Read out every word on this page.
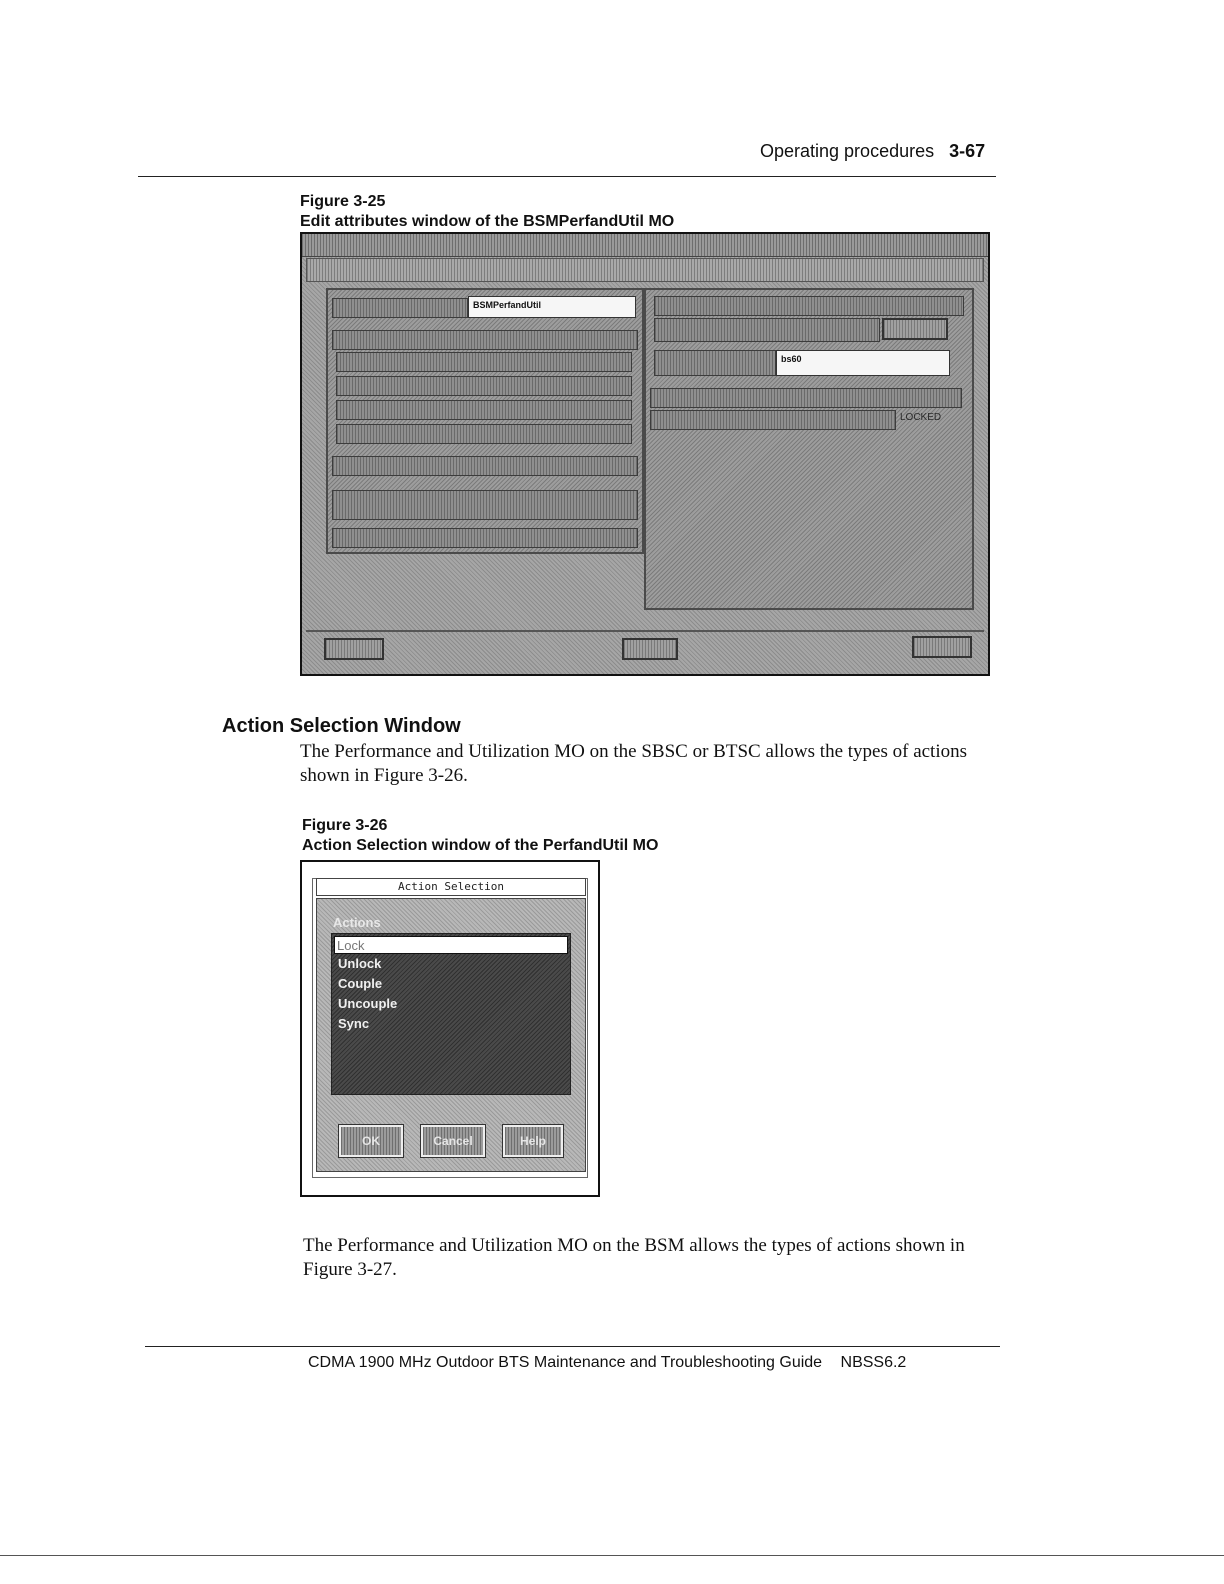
Operating procedures 3-67
Figure 3-25
Edit attributes window of the BSMPerfandUtil MO
BSMPerfandUtil
bs60
LOCKED
Action Selection Window
The Performance and Utilization MO on the SBSC or BTSC allows the types of actions shown in Figure 3-26.
Figure 3-26
Action Selection window of the PerfandUtil MO
Action Selection
Actions
Lock
Unlock
Couple
Uncouple
Sync
OK	Cancel	Help
The Performance and Utilization MO on the BSM allows the types of actions shown in Figure 3-27.
CDMA 1900 MHz Outdoor BTS Maintenance and Troubleshooting Guide NBSS6.2
